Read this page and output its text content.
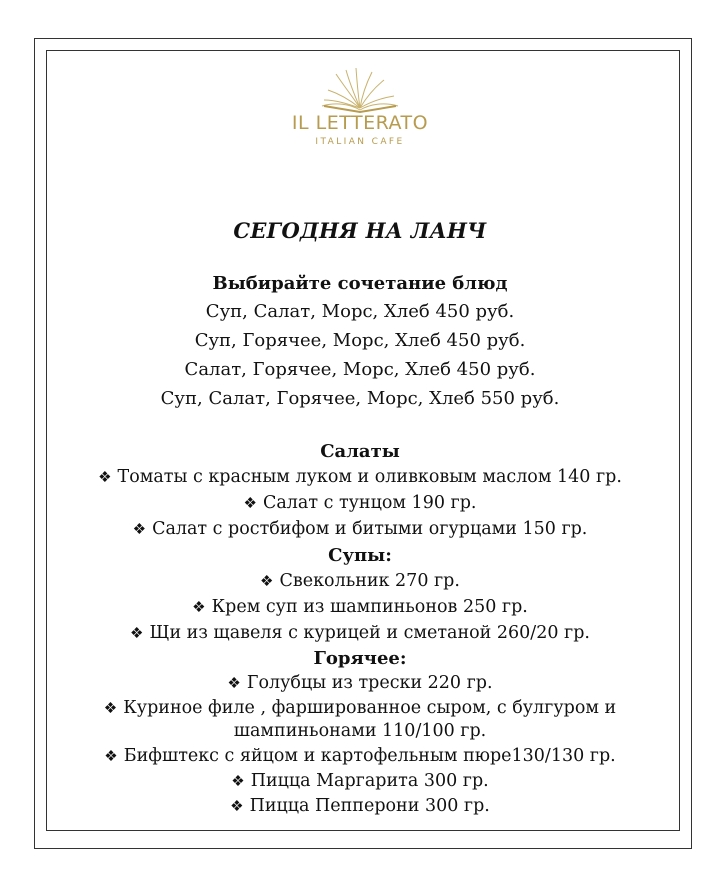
IL LETTERATO
ITALIAN CAFE
СЕГОДНЯ НА ЛАНЧ
Выбирайте сочетание блюд
Суп, Салат, Морс, Хлеб 450 руб.
Суп, Горячее, Морс, Хлеб 450 руб.
Салат, Горячее, Морс, Хлеб 450 руб.
Суп, Салат, Горячее, Морс, Хлеб 550 руб.
Салаты
❖ Томаты с красным луком и оливковым маслом 140 гр.
❖ Салат с тунцом 190 гр.
❖ Салат с ростбифом и битыми огурцами 150 гр.
Супы:
❖ Свекольник 270 гр.
❖ Крем суп из шампиньонов 250 гр.
❖ Щи из щавеля с курицей и сметаной 260/20 гр.
Горячее:
❖ Голубцы из трески 220 гр.
❖ Куриное филе , фаршированное сыром, с булгуром и
шампиньонами 110/100 гр.
❖ Бифштекс с яйцом и картофельным пюре130/130 гр.
❖ Пицца Маргарита 300 гр.
❖ Пицца Пепперони 300 гр.
